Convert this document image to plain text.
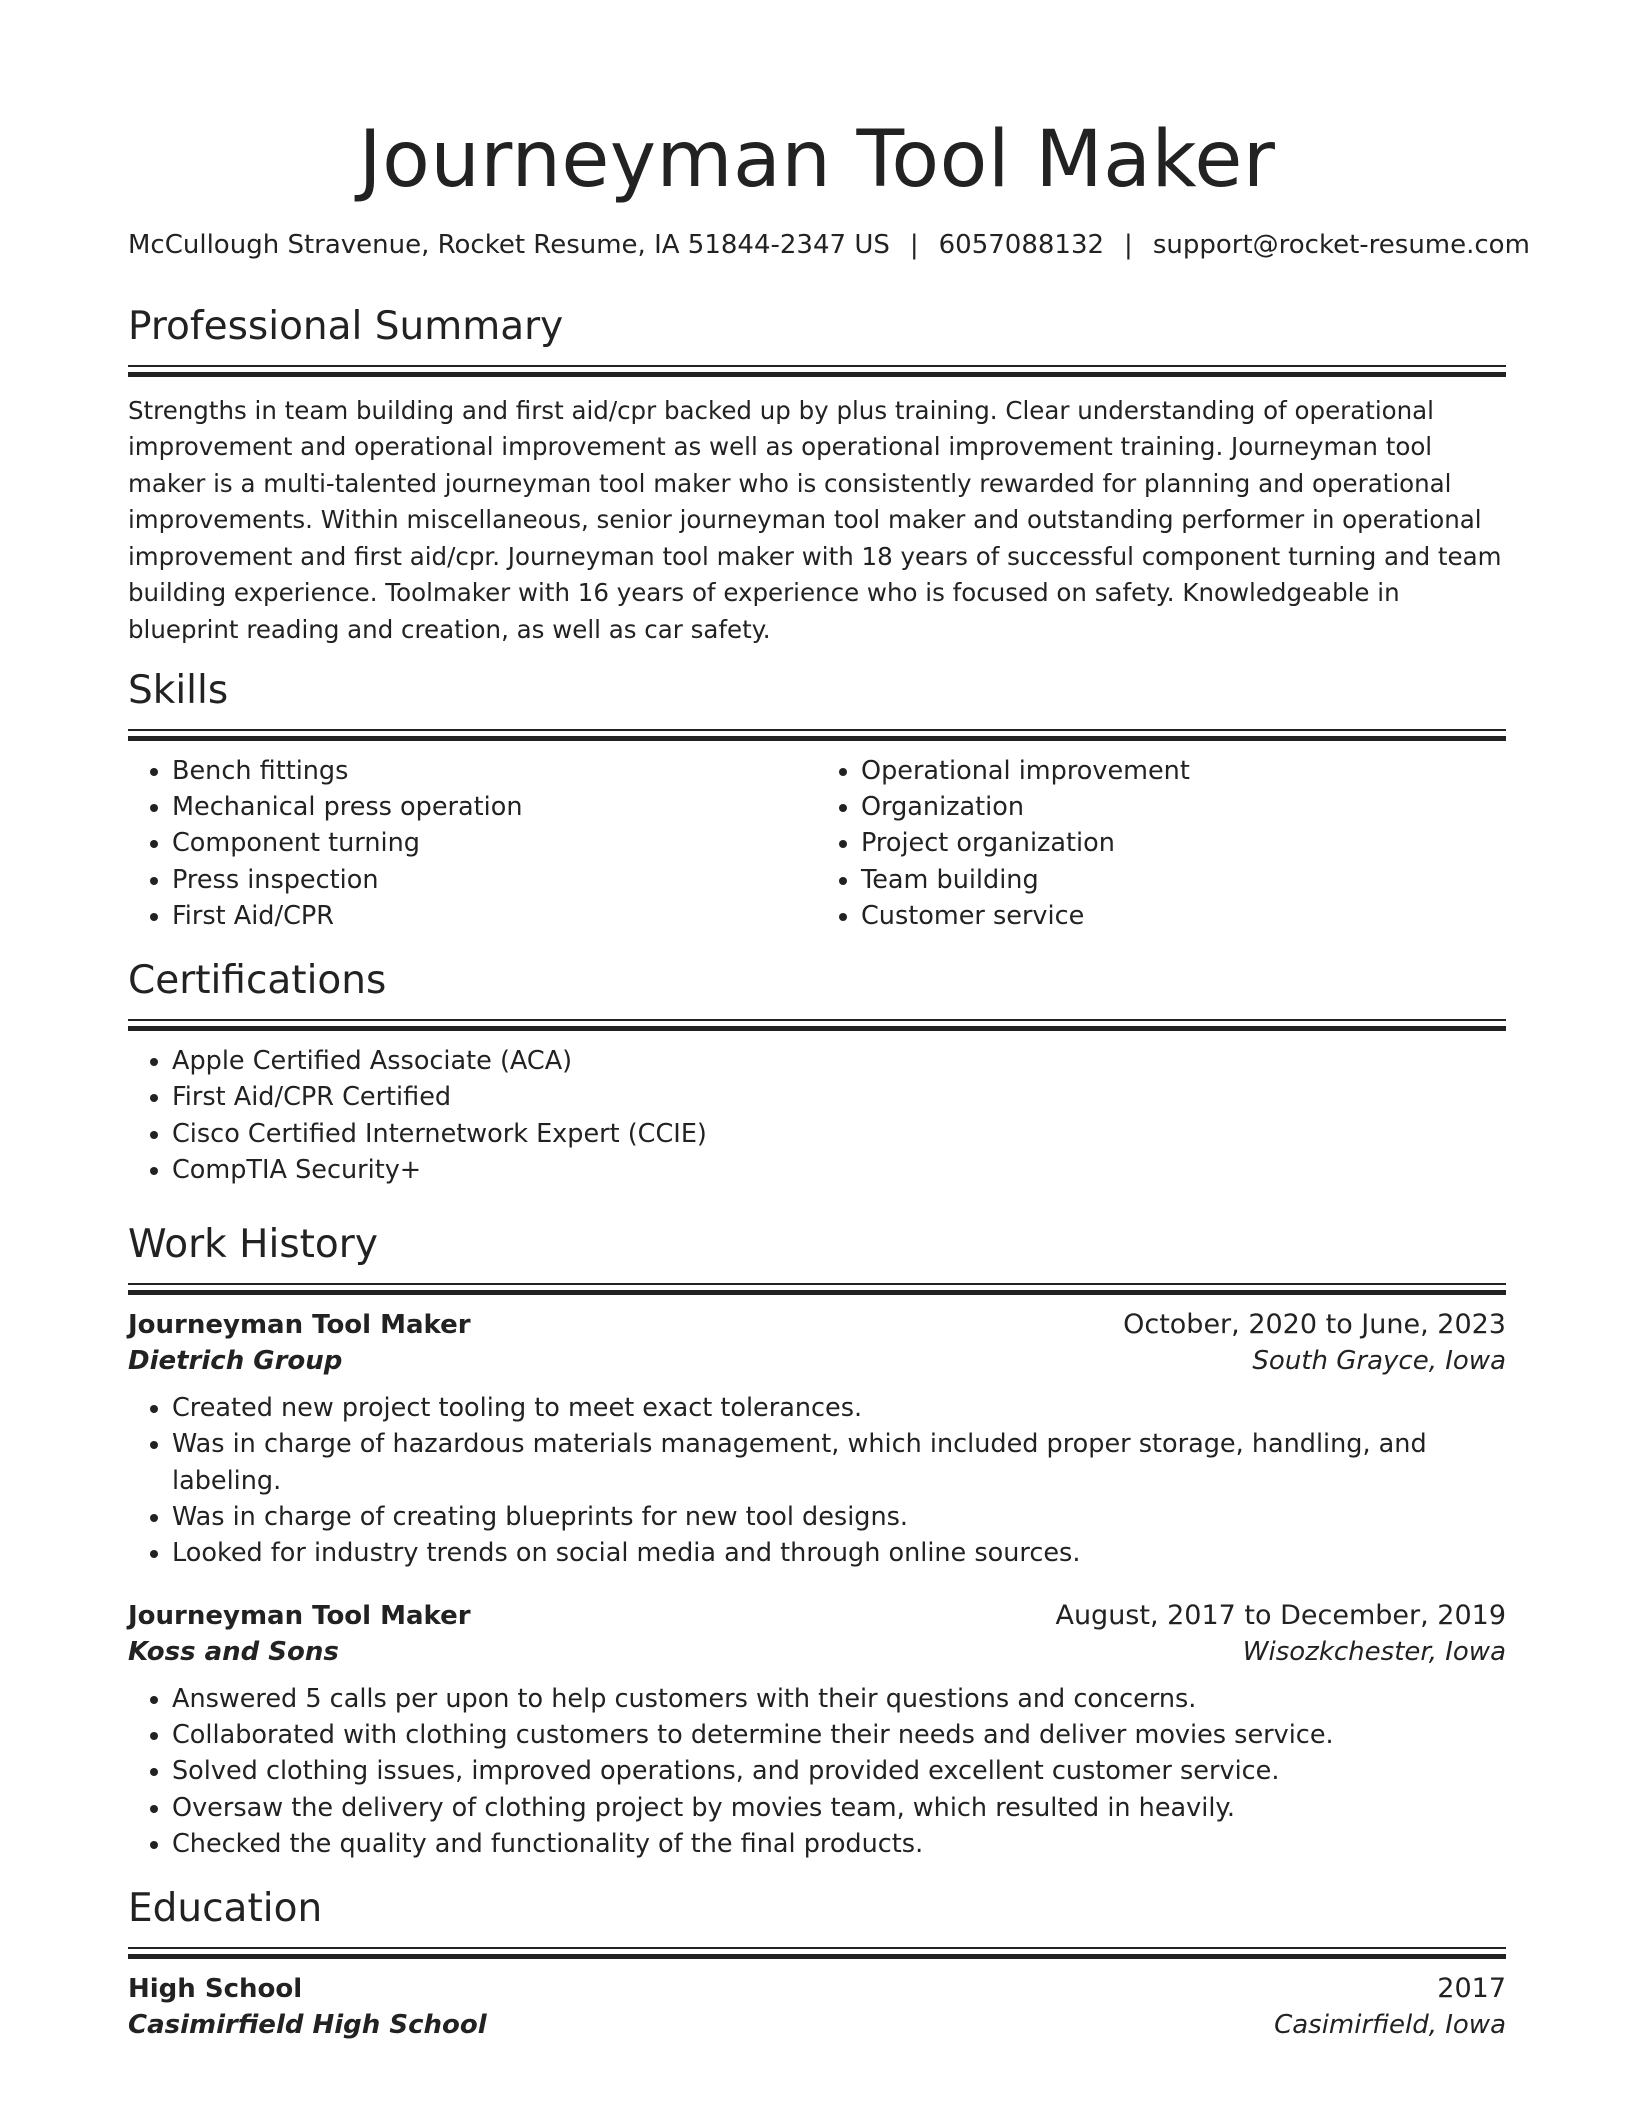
Journeyman Tool Maker
McCullough Stravenue, Rocket Resume, IA 51844-2347 US | 6057088132 | support@rocket-resume.com
Professional Summary
Strengths in team building and first aid/cpr backed up by plus training. Clear understanding of operational improvement and operational improvement as well as operational improvement training. Journeyman tool maker is a multi-talented journeyman tool maker who is consistently rewarded for planning and operational improvements. Within miscellaneous, senior journeyman tool maker and outstanding performer in operational improvement and first aid/cpr. Journeyman tool maker with 18 years of successful component turning and team building experience. Toolmaker with 16 years of experience who is focused on safety. Knowledgeable in blueprint reading and creation, as well as car safety.
Skills
• Bench fittings
• Mechanical press operation
• Component turning
• Press inspection
• First Aid/CPR
• Operational improvement
• Organization
• Project organization
• Team building
• Customer service
Certifications
• Apple Certified Associate (ACA)
• First Aid/CPR Certified
• Cisco Certified Internetwork Expert (CCIE)
• CompTIA Security+
Work History
Journeyman Tool Maker	October, 2020 to June, 2023
Dietrich Group	South Grayce, Iowa
• Created new project tooling to meet exact tolerances.
• Was in charge of hazardous materials management, which included proper storage, handling, and labeling.
• Was in charge of creating blueprints for new tool designs.
• Looked for industry trends on social media and through online sources.
Journeyman Tool Maker	August, 2017 to December, 2019
Koss and Sons	Wisozkchester, Iowa
• Answered 5 calls per upon to help customers with their questions and concerns.
• Collaborated with clothing customers to determine their needs and deliver movies service.
• Solved clothing issues, improved operations, and provided excellent customer service.
• Oversaw the delivery of clothing project by movies team, which resulted in heavily.
• Checked the quality and functionality of the final products.
Education
High School	2017
Casimirfield High School	Casimirfield, Iowa
